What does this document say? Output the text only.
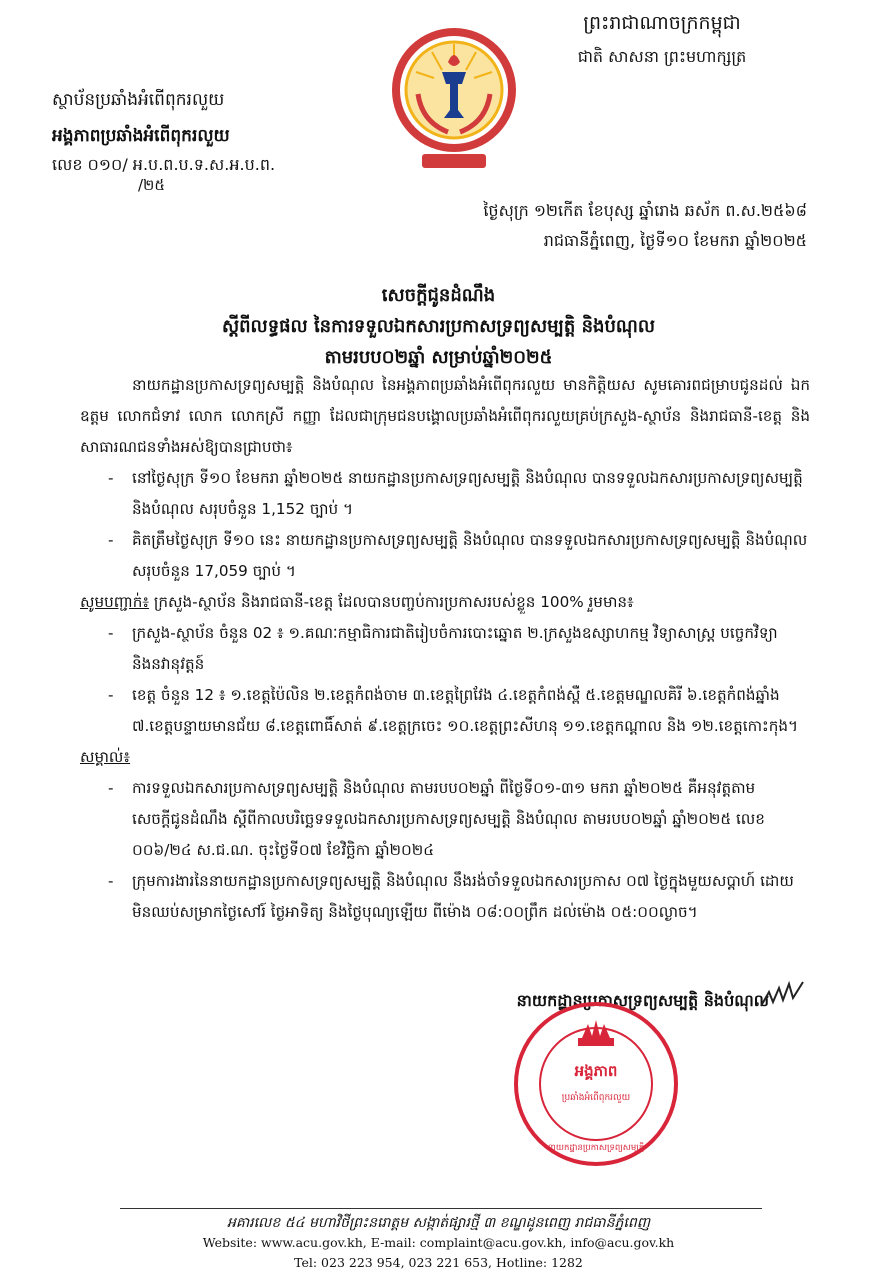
ព្រះរាជាណាចក្រកម្ពុជា
ជាតិ សាសនា ព្រះមហាក្សត្រ
ស្ថាប័នប្រឆាំងអំពើពុករលួយ
អង្គភាពប្រឆាំងអំពើពុករលួយ
លេខ ០១០/ អ.ប.ព.ប.ទ.ស.អ.ប.ព.
/២៥
ថ្ងៃសុក្រ ១២កើត ខែបុស្ស ឆ្នាំរោង ឆស័ក ព.ស.២៥៦៨
រាជធានីភ្នំពេញ, ថ្ងៃទី១០ ខែមករា ឆ្នាំ២០២៥
សេចក្ដីជូនដំណឹង
ស្ដីពីលទ្ធផល នៃការទទួលឯកសារប្រកាសទ្រព្យសម្បត្តិ និងបំណុល
តាមរបប០២ឆ្នាំ សម្រាប់ឆ្នាំ២០២៥

នាយកដ្ឋានប្រកាសទ្រព្យសម្បត្តិ និងបំណុល នៃអង្គភាពប្រឆាំងអំពើពុករលួយ មានកិត្តិយស សូមគោរពជម្រាបជូនដល់ ឯកឧត្តម លោកជំទាវ លោក លោកស្រី កញ្ញា ដែលជាក្រុមជនបង្គោលប្រឆាំងអំពើពុករលួយគ្រប់ក្រសួង-ស្ថាប័ន និងរាជធានី-ខេត្ត និងសាធារណជនទាំងអស់ឱ្យបានជ្រាបថា៖

- នៅថ្ងៃសុក្រ ទី១០ ខែមករា ឆ្នាំ២០២៥ នាយកដ្ឋានប្រកាសទ្រព្យសម្បត្តិ និងបំណុល បានទទួលឯកសារប្រកាសទ្រព្យសម្បត្តិ និងបំណុល សរុបចំនួន 1,152 ច្បាប់ ។
- គិតត្រឹមថ្ងៃសុក្រ ទី១០ នេះ នាយកដ្ឋានប្រកាសទ្រព្យសម្បត្តិ និងបំណុល បានទទួលឯកសារប្រកាសទ្រព្យសម្បត្តិ និងបំណុល សរុបចំនួន 17,059 ច្បាប់ ។

សូមបញ្ជាក់៖ ក្រសួង-ស្ថាប័ន និងរាជធានី-ខេត្ត ដែលបានបញ្ចប់ការប្រកាសរបស់ខ្លួន 100% រួមមាន៖

- ក្រសួង-ស្ថាប័ន ចំនួន 02 ៖ ១.គណៈកម្មាធិការជាតិរៀបចំការបោះឆ្នោត ២.ក្រសួងឧស្សាហកម្ម វិទ្យាសាស្ត្រ បច្ចេកវិទ្យា និងនវានុវត្តន៍
- ខេត្ត ចំនួន 12 ៖ ១.ខេត្តប៉ៃលិន ២.ខេត្តកំពង់ចាម ៣.ខេត្តព្រៃវែង ៤.ខេត្តកំពង់ស្ពឺ ៥.ខេត្តមណ្ឌលគិរី ៦.ខេត្តកំពង់ឆ្នាំង ៧.ខេត្តបន្ទាយមានជ័យ ៨.ខេត្តពោធិ៍សាត់ ៩.ខេត្តក្រចេះ ១០.ខេត្តព្រះសីហនុ ១១.ខេត្តកណ្ដាល និង ១២.ខេត្តកោះកុង។

សម្គាល់៖

- ការទទួលឯកសារប្រកាសទ្រព្យសម្បត្តិ និងបំណុល តាមរបប០២ឆ្នាំ ពីថ្ងៃទី០១-៣១ មករា ឆ្នាំ២០២៥ គឺអនុវត្តតាមសេចក្ដីជូនដំណឹង ស្ដីពីកាលបរិច្ឆេទទទួលឯកសារប្រកាសទ្រព្យសម្បត្តិ និងបំណុល តាមរបប០២ឆ្នាំ ឆ្នាំ២០២៥ លេខ ០០៦/២៤ ស.ជ.ណ. ចុះថ្ងៃទី០៧ ខែវិច្ឆិកា ឆ្នាំ២០២៤
- ក្រុមការងារនៃនាយកដ្ឋានប្រកាសទ្រព្យសម្បត្តិ និងបំណុល នឹងរង់ចាំទទួលឯកសារប្រកាស ០៧ ថ្ងៃក្នុងមួយសប្ដាហ៍ ដោយមិនឈប់សម្រាកថ្ងៃសៅរ៍ ថ្ងៃអាទិត្យ និងថ្ងៃបុណ្យឡើយ ពីម៉ោង ០៨:០០ព្រឹក ដល់ម៉ោង ០៥:០០ល្ងាច។
នាយកដ្ឋានប្រកាសទ្រព្យសម្បត្តិ និងបំណុល
អង្គភាព
ប្រឆាំងអំពើពុករលួយ
នាយកដ្ឋានប្រកាសទ្រព្យសម្បត្តិ
អគារលេខ ៥៤ មហាវិថីព្រះនរោត្តម សង្កាត់ផ្សារថ្មី ៣ ខណ្ឌដូនពេញ រាជធានីភ្នំពេញ
Website: www.acu.gov.kh, E-mail: complaint@acu.gov.kh, info@acu.gov.kh
Tel: 023 223 954, 023 221 653, Hotline: 1282
